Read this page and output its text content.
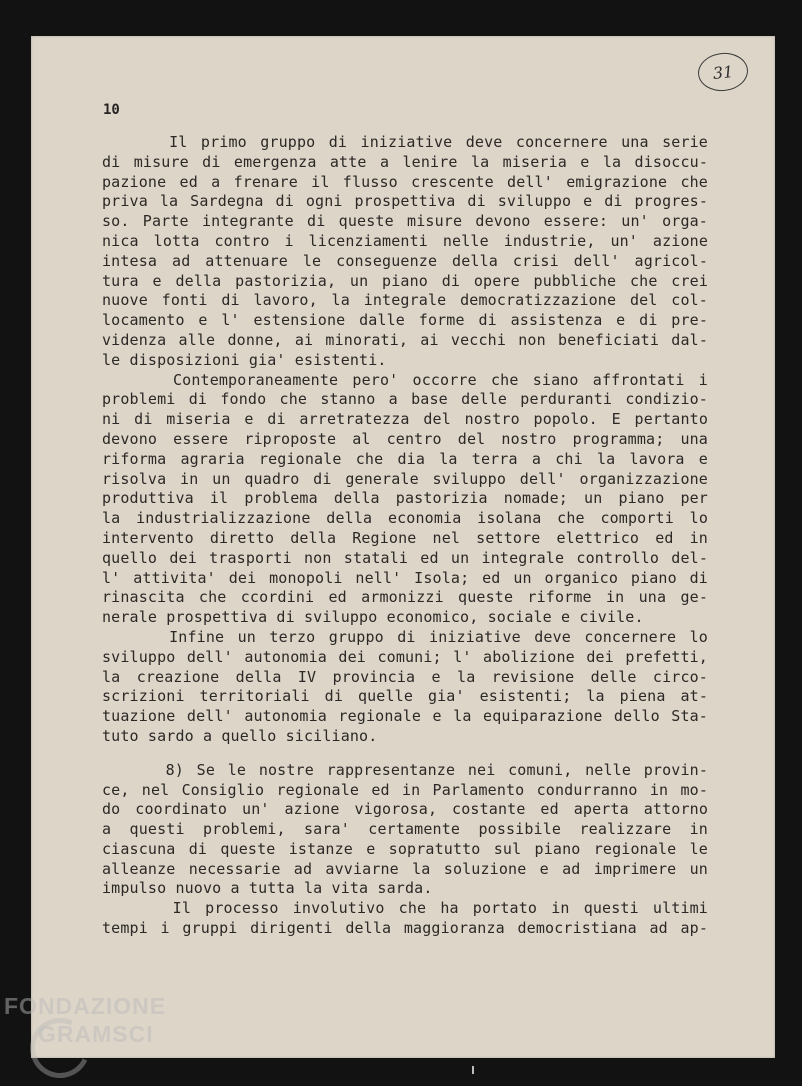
31
10
Il primo gruppo di iniziative deve concernere una serie
di misure di emergenza atte a lenire la miseria e la disoccu-
pazione ed a frenare il flusso crescente dell' emigrazione che
priva la Sardegna di ogni prospettiva di sviluppo e di progres-
so. Parte integrante di queste misure devono essere: un' orga-
nica lotta contro i licenziamenti nelle industrie, un' azione
intesa ad attenuare le conseguenze della crisi dell' agricol-
tura e della pastorizia, un piano di opere pubbliche che crei
nuove fonti di lavoro, la integrale democratizzazione del col-
locamento e l' estensione dalle forme di assistenza e di pre-
videnza alle donne, ai minorati, ai vecchi non beneficiati dal-
le disposizioni gia' esistenti.
Contemporaneamente pero' occorre che siano affrontati i
problemi di fondo che stanno a base delle perduranti condizio-
ni di miseria e di arretratezza del nostro popolo. E pertanto
devono essere riproposte al centro del nostro programma; una
riforma agraria regionale che dia la terra a chi la lavora e
risolva in un quadro di generale sviluppo dell' organizzazione
produttiva il problema della pastorizia nomade; un piano per
la industrializzazione della economia isolana che comporti lo
intervento diretto della Regione nel settore elettrico ed in
quello dei trasporti non statali ed un integrale controllo del-
l' attivita' dei monopoli nell' Isola; ed un organico piano di
rinascita che ccordini ed armonizzi queste riforme in una ge-
nerale prospettiva di sviluppo economico, sociale e civile.
Infine un terzo gruppo di iniziative deve concernere lo
sviluppo dell' autonomia dei comuni; l' abolizione dei prefetti,
la creazione della IV provincia e la revisione delle circo-
scrizioni territoriali di quelle gia' esistenti; la piena at-
tuazione dell' autonomia regionale e la equiparazione dello Sta-
tuto sardo a quello siciliano.
8) Se le nostre rappresentanze nei comuni, nelle provin-
ce, nel Consiglio regionale ed in Parlamento condurranno in mo-
do coordinato un' azione vigorosa, costante ed aperta attorno
a questi problemi, sara' certamente possibile realizzare in
ciascuna di queste istanze e sopratutto sul piano regionale le
alleanze necessarie ad avviarne la soluzione e ad imprimere un
impulso nuovo a tutta la vita sarda.
Il processo involutivo che ha portato in questi ultimi
tempi i gruppi dirigenti della maggioranza democristiana ad ap-
FONDAZIONE
GRAMSCI
